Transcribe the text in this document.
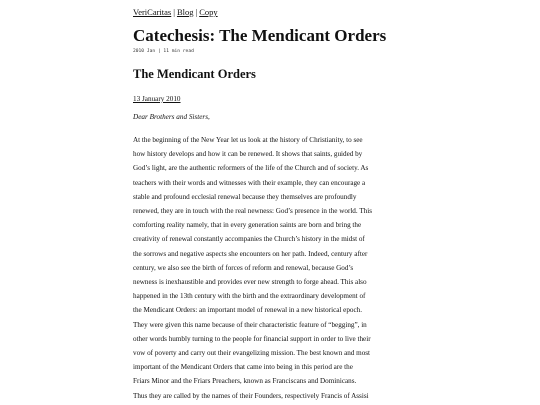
VeriCaritas | Blog | Copy
Catechesis: The Mendicant Orders
2010 Jan | 11 min read
The Mendicant Orders
13 January 2010
Dear Brothers and Sisters,
At the beginning of the New Year let us look at the history of Christianity, to see
how history develops and how it can be renewed. It shows that saints, guided by
God’s light, are the authentic reformers of the life of the Church and of society. As
teachers with their words and witnesses with their example, they can encourage a
stable and profound ecclesial renewal because they themselves are profoundly
renewed, they are in touch with the real newness: God’s presence in the world. This
comforting reality namely, that in every generation saints are born and bring the
creativity of renewal constantly accompanies the Church’s history in the midst of
the sorrows and negative aspects she encounters on her path. Indeed, century after
century, we also see the birth of forces of reform and renewal, because God’s
newness is inexhaustible and provides ever new strength to forge ahead. This also
happened in the 13th century with the birth and the extraordinary development of
the Mendicant Orders: an important model of renewal in a new historical epoch.
They were given this name because of their characteristic feature of “begging”, in
other words humbly turning to the people for financial support in order to live their
vow of poverty and carry out their evangelizing mission. The best known and most
important of the Mendicant Orders that came into being in this period are the
Friars Minor and the Friars Preachers, known as Franciscans and Dominicans.
Thus they are called by the names of their Founders, respectively Francis of Assisi
